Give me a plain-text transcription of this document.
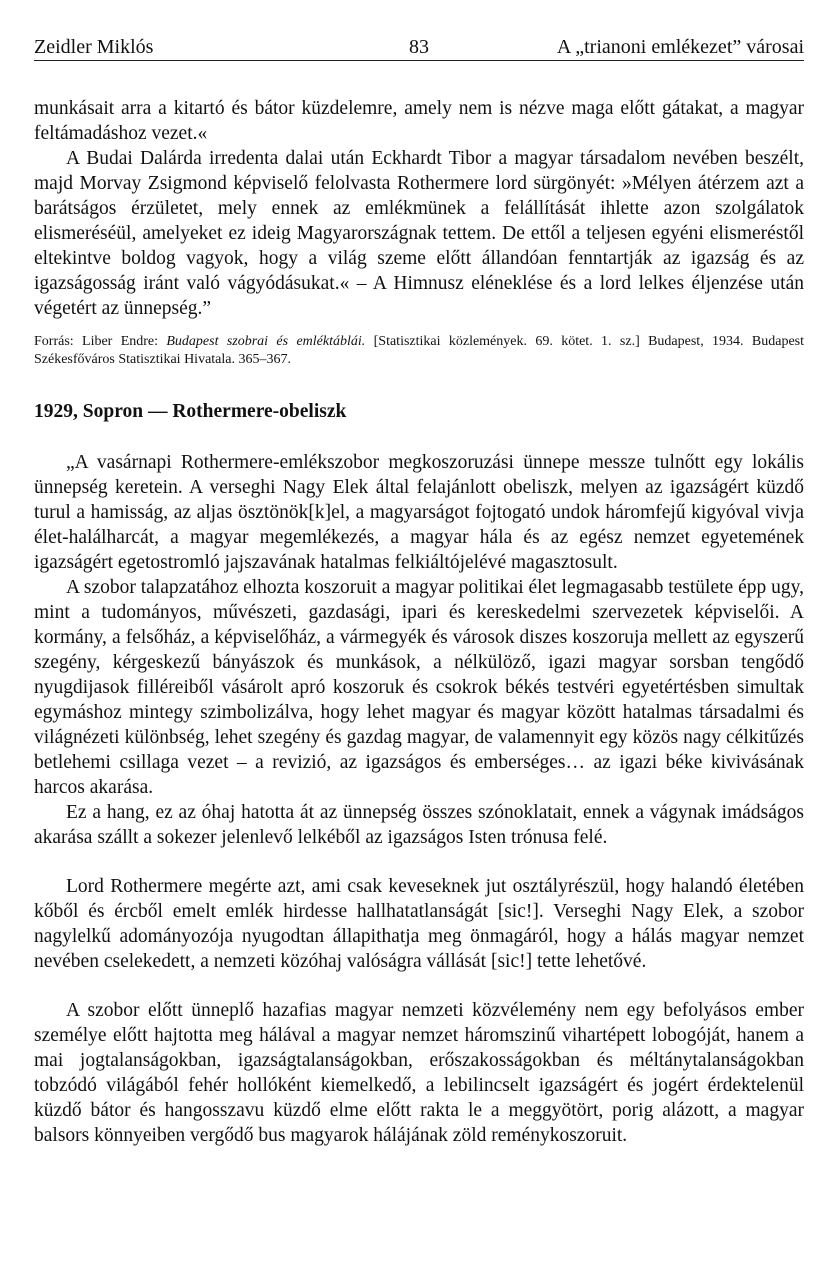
Zeidler Miklós	83	A „trianoni emlékezet” városai

munkásait arra a kitartó és bátor küzdelemre, amely nem is nézve maga előtt gátakat, a magyar feltámadáshoz vezet.«

A Budai Dalárda irredenta dalai után Eckhardt Tibor a magyar társadalom nevében beszélt, majd Morvay Zsigmond képviselő felolvasta Rothermere lord sürgönyét: »Mélyen átérzem azt a barátságos érzületet, mely ennek az emlékmünek a felállítását ihlette azon szolgálatok elismeréséül, amelyeket ez ideig Magyarországnak tettem. De ettől a teljesen egyéni elismeréstől eltekintve boldog vagyok, hogy a világ szeme előtt állandóan fenntartják az igazság és az igazságosság iránt való vágyódásukat.« – A Himnusz eléneklése és a lord lelkes éljenzése után végetért az ünnepség.”

Forrás: Liber Endre: Budapest szobrai és emléktáblái. [Statisztikai közlemények. 69. kötet. 1. sz.] Budapest, 1934. Budapest Székesfőváros Statisztikai Hivatala. 365–367.
1929, Sopron — Rothermere-obeliszk

„A vasárnapi Rothermere-emlékszobor megkoszoruzási ünnepe messze tulnőtt egy lokális ünnepség keretein. A verseghi Nagy Elek által felajánlott obeliszk, melyen az igazságért küzdő turul a hamisság, az aljas ösztönök[k]el, a magyarságot fojtogató undok háromfejű kigyóval vivja élet-halálharcát, a magyar megemlékezés, a magyar hála és az egész nemzet egyetemének igazságért egetostromló jajszavának hatalmas felkiáltójelévé magasztosult.

A szobor talapzatához elhozta koszoruit a magyar politikai élet legmagasabb testülete épp ugy, mint a tudományos, művészeti, gazdasági, ipari és kereskedelmi szervezetek képviselői. A kormány, a felsőház, a képviselőház, a vármegyék és városok diszes koszoruja mellett az egyszerű szegény, kérgeskezű bányászok és munkások, a nélkülöző, igazi magyar sorsban tengődő nyugdijasok filléreiből vásárolt apró koszoruk és csokrok békés testvéri egyetértésben simultak egymáshoz mintegy szimbolizálva, hogy lehet magyar és magyar között hatalmas társadalmi és világnézeti különbség, lehet szegény és gazdag magyar, de valamennyit egy közös nagy célkitűzés betlehemi csillaga vezet – a revizió, az igazságos és emberséges… az igazi béke kivivásának harcos akarása.

Ez a hang, ez az óhaj hatotta át az ünnepség összes szónoklatait, ennek a vágynak imádságos akarása szállt a sokezer jelenlevő lelkéből az igazságos Isten trónusa felé.

Lord Rothermere megérte azt, ami csak keveseknek jut osztályrészül, hogy halandó életében kőből és ércből emelt emlék hirdesse hallhatatlanságát [sic!]. Verseghi Nagy Elek, a szobor nagylelkű adományozója nyugodtan állapithatja meg önmagáról, hogy a hálás magyar nemzet nevében cselekedett, a nemzeti közóhaj valóságra vállását [sic!] tette lehetővé.

A szobor előtt ünneplő hazafias magyar nemzeti közvélemény nem egy befolyásos ember személye előtt hajtotta meg hálával a magyar nemzet háromszinű vihartépett lobogóját, hanem a mai jogtalanságokban, igazságtalanságokban, erőszakosságokban és méltánytalanságokban tobzódó világából fehér hollóként kiemelkedő, a lebilincselt igazságért és jogért érdektelenül küzdő bátor és hangosszavu küzdő elme előtt rakta le a meggyötört, porig alázott, a magyar balsors könnyeiben vergődő bus magyarok hálájának zöld reménykoszoruit.
